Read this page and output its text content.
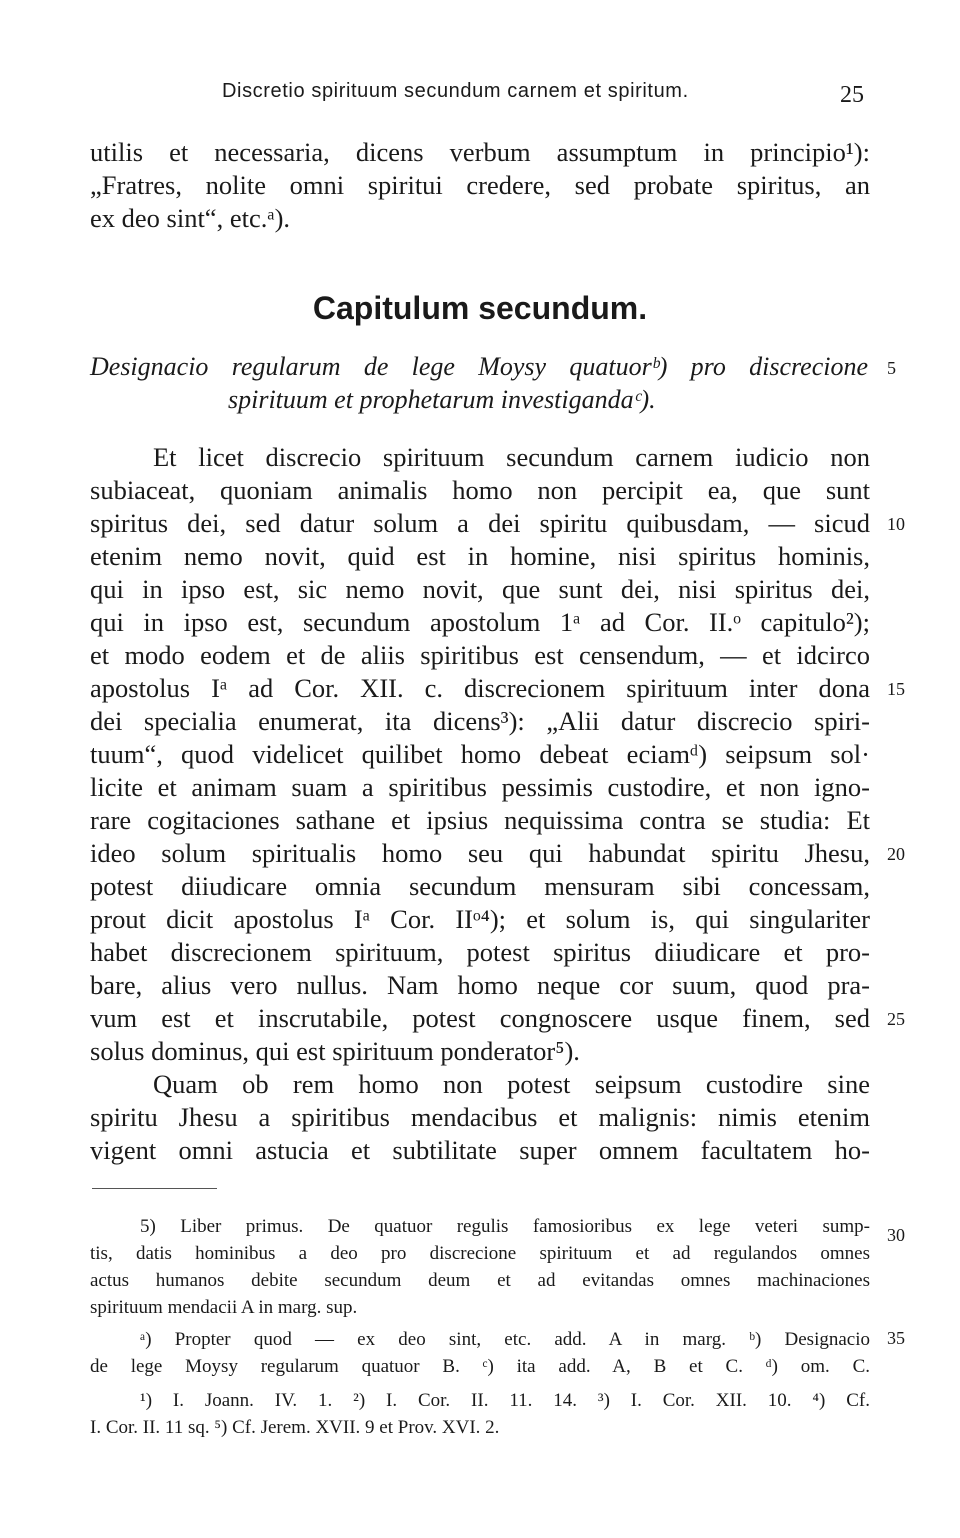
Discretio spirituum secundum carnem et spiritum.	25
utilis et necessaria, dicens verbum assumptum in principio¹):
„Fratres, nolite omni spiritui credere, sed probate spiritus, an
ex deo sint“, etc.ᵃ).
Capitulum secundum.
Designacio regularum de lege Moysy quatuorᵇ) pro discrecione
spirituum et prophetarum investigandaᶜ).
Et licet discrecio spirituum secundum carnem iudicio non
subiaceat, quoniam animalis homo non percipit ea, que sunt
spiritus dei, sed datur solum a dei spiritu quibusdam, — sicud
etenim nemo novit, quid est in homine, nisi spiritus hominis,
qui in ipso est, sic nemo novit, que sunt dei, nisi spiritus dei,
qui in ipso est, secundum apostolum 1ᵃ ad Cor. II.ᵒ capitulo²);
et modo eodem et de aliis spiritibus est censendum, — et idcirco
apostolus Iᵃ ad Cor. XII. c. discrecionem spirituum inter dona
dei specialia enumerat, ita dicens³): „Alii datur discrecio spiri-
tuum“, quod videlicet quilibet homo debeat eciamᵈ) seipsum sol·
licite et animam suam a spiritibus pessimis custodire, et non igno-
rare cogitaciones sathane et ipsius nequissima contra se studia: Et
ideo solum spiritualis homo seu qui habundat spiritu Jhesu,
potest diiudicare omnia secundum mensuram sibi concessam,
prout dicit apostolus Iᵃ Cor. IIᵒ⁴); et solum is, qui singulariter
habet discrecionem spirituum, potest spiritus diiudicare et pro-
bare, alius vero nullus. Nam homo neque cor suum, quod pra-
vum est et inscrutabile, potest congnoscere usque finem, sed
solus dominus, qui est spirituum ponderator⁵).
Quam ob rem homo non potest seipsum custodire sine
spiritu Jhesu a spiritibus mendacibus et malignis: nimis etenim
vigent omni astucia et subtilitate super omnem facultatem ho-
5
10
15
20
25
30
35
5) Liber primus. De quatuor regulis famosioribus ex lege veteri sump-
tis, datis hominibus a deo pro discrecione spirituum et ad regulandos omnes
actus humanos debite secundum deum et ad evitandas omnes machinaciones
spirituum mendacii A in marg. sup.
ᵃ) Propter quod — ex deo sint, etc. add. A in marg. ᵇ) Designacio
de lege Moysy regularum quatuor B. ᶜ) ita add. A, B et C. ᵈ) om. C.
¹) I. Joann. IV. 1. ²) I. Cor. II. 11. 14. ³) I. Cor. XII. 10. ⁴) Cf.
I. Cor. II. 11 sq. ⁵) Cf. Jerem. XVII. 9 et Prov. XVI. 2.
